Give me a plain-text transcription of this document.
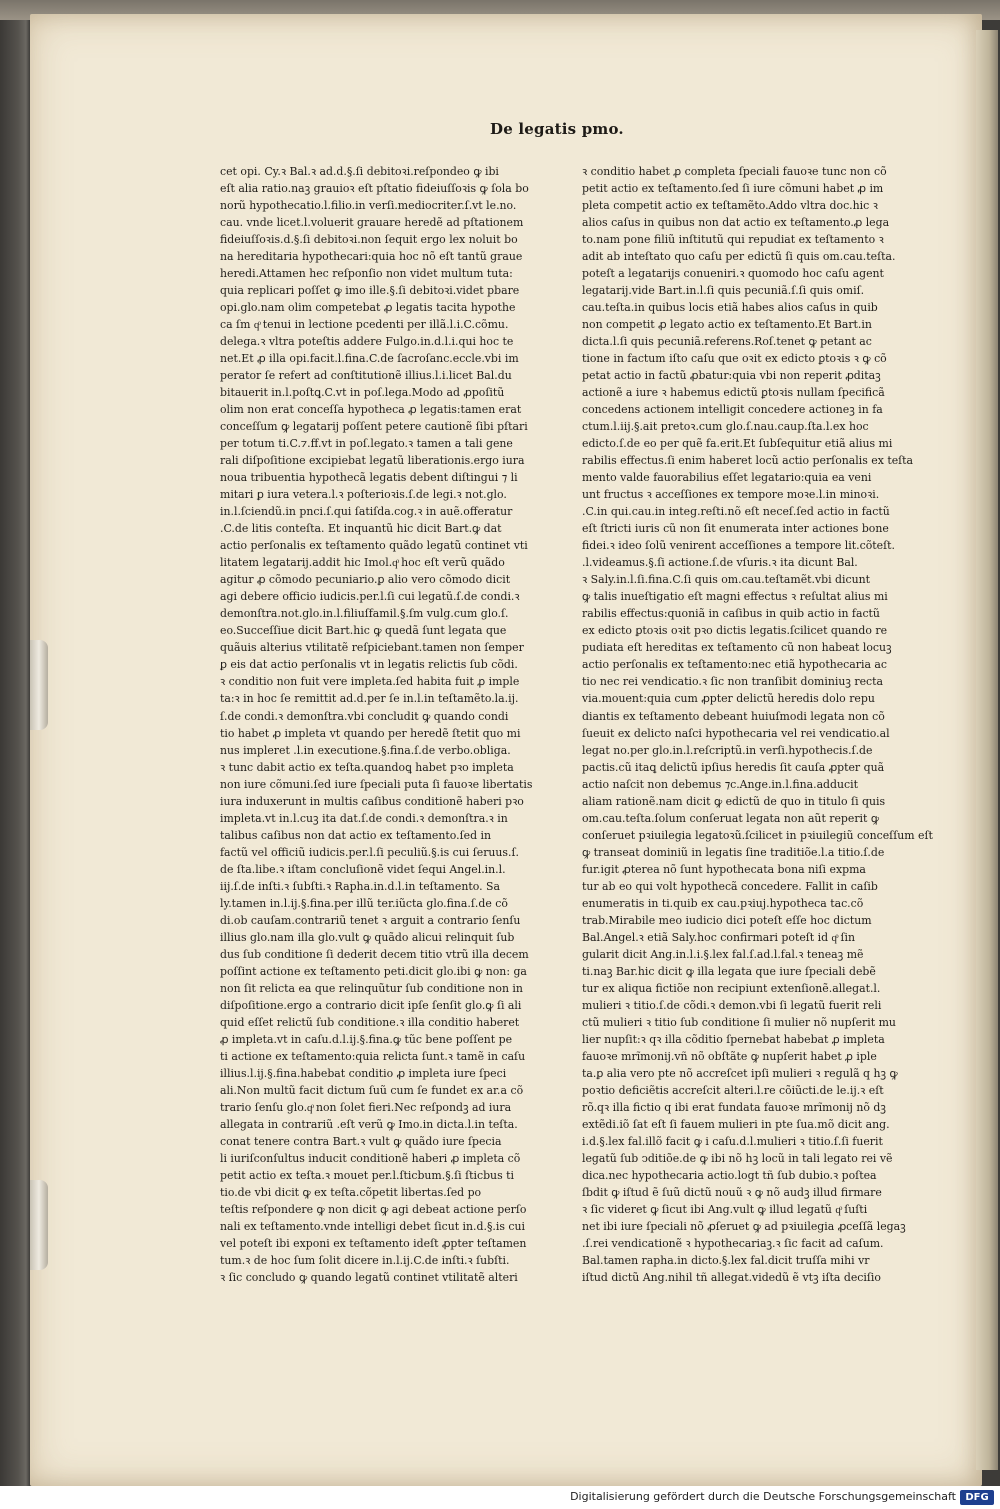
De legatis pmo.
cet opi. Cy.ꝛ Bal.ꝛ ad.d.§.ſi debitoꝛi.reſpondeo ꝙ ibi
eſt alia ratio.naꝫ grauioꝛ eſt pſtatio fideiuſſoꝛis ꝙ ſola bo
norũ hypothecatio.l.filio.in verſi.mediocriter.ſ.vt le.no.
cau. vnde licet.l.voluerit grauare heredẽ ad pſtationem
fideiuſſoꝛis.d.§.ſi debitoꝛi.non ſequit ergo lex noluit bo
na hereditaria hypothecari:quia hoc nõ eſt tantũ graue
heredi.Attamen hec reſponſio non videt multum tuta:
quia replicari poſſet ꝙ imo ille.§.ſi debitoꝛi.videt pbare
opi.glo.nam olim competebat ꝓ legatis tacita hypothe
ca ſm qͦ tenui in lectione pcedenti per illã.l.i.C.cõmu.
delega.ꝛ vltra poteſtis addere Fulgo.in.d.l.i.qui hoc te
net.Et ꝓ illa opi.facit.l.fina.C.de ſacroſanc.eccle.vbi im
perator ſe refert ad conſtitutionẽ illius.l.i.licet Bal.du
bitauerit in.l.poſtꝗ.C.vt in poſ.lega.Modo ad ꝓpoſitũ
olim non erat conceſſa hypotheca ꝓ legatis:tamen erat
conceſſum ꝙ legatarij poſſent petere cautionẽ ſibi pſtari
per totum ti.C.⁊.ff.vt in poſ.legato.ꝛ tamen a tali gene
rali diſpoſitione excipiebat legatũ liberationis.ergo iura
noua tribuentia hypothecã legatis debent diſtingui ⁊ li
mitari ꝑ iura vetera.l.ꝛ poſterioꝛis.ſ.de legi.ꝛ not.glo.
in.l.ſciendũ.in pnci.ſ.qui ſatiſda.cog.ꝛ in auẽ.offeratur
.C.de litis conteſta. Et inquantũ hic dicit Bart.ꝙ dat
actio perſonalis ex teſtamento quãdo legatũ continet vti
litatem legatarij.addit hic Imol.qͦ hoc eſt verũ quãdo
agitur ꝓ cõmodo pecuniario.ꝑ alio vero cõmodo dicit
agi debere officio iudicis.per.l.ſi cui legatũ.ſ.de condi.ꝛ
demonſtra.not.glo.in.l.filiuſfamil.§.ſm vulg.cum glo.ſ.
eo.Succeſſiue dicit Bart.hic ꝙ quedã ſunt legata que
quãuis alterius vtilitatẽ reſpiciebant.tamen non ſemper
ꝑ eis dat actio perſonalis vt in legatis relictis ſub cõdi.
ꝛ conditio non fuit vere impleta.ſed habita fuit ꝓ imple
ta:ꝛ in hoc ſe remittit ad.d.per ſe in.l.in teſtamẽto.la.ij.
ſ.de condi.ꝛ demonſtra.vbi concludit ꝙ quando condi
tio habet ꝓ impleta vt quando per heredẽ ſtetit quo mi
nus impleret .l.in executione.§.fina.ſ.de verbo.obliga.
ꝛ tunc dabit actio ex teſta.quandoꝗ habet pꝛo impleta
non iure cõmuni.ſed iure ſpeciali puta ſi fauoꝛe libertatis
iura induxerunt in multis caſibus conditionẽ haberi pꝛo
impleta.vt in.l.cuꝫ ita dat.ſ.de condi.ꝛ demonſtra.ꝛ in
talibus caſibus non dat actio ex teſtamento.ſed in
factũ vel officiũ iudicis.per.l.ſi peculiũ.§.is cui ſeruus.ſ.
de ſta.libe.ꝛ iſtam concluſionẽ videt ſequi Angel.in.l.
iij.ſ.de inſti.ꝛ ſubſti.ꝛ Rapha.in.d.l.in teſtamento. Sa
ly.tamen in.l.ij.§.fina.per illũ ter.iũcta glo.fina.ſ.de cõ
di.ob cauſam.contrariũ tenet ꝛ arguit a contrario ſenſu
illius glo.nam illa glo.vult ꝙ quãdo alicui relinquit ſub
dus ſub conditione ſi dederit decem titio vtrũ illa decem
poſſint actione ex teſtamento peti.dicit glo.ibi ꝙ non: ga
non ſit relicta ea que relinquũtur ſub conditione non in
diſpoſitione.ergo a contrario dicit ipſe ſenſit glo.ꝙ ſi ali
quid eſſet relictũ ſub conditione.ꝛ illa conditio haberet
ꝓ impleta.vt in caſu.d.l.ij.§.fina.ꝙ tũc bene poſſent pe
ti actione ex teſtamento:quia relicta ſunt.ꝛ tamẽ in caſu
illius.l.ij.§.fina.habebat conditio ꝓ impleta iure ſpeci
ali.Non multũ facit dictum ſuũ cum ſe fundet ex ar.a cõ
trario ſenſu glo.qͦ non ſolet fieri.Nec reſpondꝫ ad iura
allegata in contrariũ .eſt verũ ꝙ Imo.in dicta.l.in teſta.
conat tenere contra Bart.ꝛ vult ꝙ quãdo iure ſpecia
li iuriſconſultus inducit conditionẽ haberi ꝓ impleta cõ
petit actio ex teſta.ꝛ mouet per.l.ſticbum.§.ſi ſticbus ti
tio.de vbi dicit ꝙ ex teſta.cõpetit libertas.ſed po
teſtis reſpondere ꝙ non dicit ꝙ agi debeat actione perſo
nali ex teſtamento.vnde intelligi debet ſicut in.d.§.is cui
vel poteſt ibi exponi ex teſtamento ideſt ꝓpter teſtamen
tum.ꝛ de hoc ſum ſolit dicere in.l.ij.C.de inſti.ꝛ ſubſti.
ꝛ ſic concludo ꝙ quando legatũ continet vtilitatẽ alteri
ꝛ conditio habet ꝓ completa ſpeciali fauoꝛe tunc non cõ
petit actio ex teſtamento.ſed ſi iure cõmuni habet ꝓ im
pleta competit actio ex teſtamẽto.Addo vltra doc.hic ꝛ
alios caſus in quibus non dat actio ex teſtamento.ꝓ lega
to.nam pone filiũ inſtitutũ qui repudiat ex teſtamento ꝛ
adit ab inteſtato quo caſu per edictũ ſi quis om.cau.teſta.
poteſt a legatarijs conueniri.ꝛ quomodo hoc caſu agent
legatarij.vide Bart.in.l.ſi quis pecuniã.ſ.ſi quis omiſ.
cau.teſta.in quibus locis etiã habes alios caſus in quib
non competit ꝓ legato actio ex teſtamento.Et Bart.in
dicta.l.ſi quis pecuniã.referens.Roſ.tenet ꝙ petant ac
tione in factum iſto caſu que oꝛit ex edicto ꝑtoꝛis ꝛ ꝙ cõ
petat actio in factũ ꝓbatur:quia vbi non reperit ꝓditaꝫ
actionẽ a iure ꝛ habemus edictũ ꝑtoꝛis nullam ſpecificã
concedens actionem intelligit concedere actioneꝫ in fa
ctum.l.iij.§.ait pretoꝛ.cum glo.ſ.nau.caup.ſta.l.ex hoc
edicto.ſ.de eo per quẽ fa.erit.Et ſubſequitur etiã alius mi
rabilis effectus.ſi enim haberet locũ actio perſonalis ex teſta
mento valde fauorabilius eſſet legatario:quia ea veni
unt fructus ꝛ acceſſiones ex tempore moꝛe.l.in minoꝛi.
.C.in qui.cau.in integ.reſti.nõ eſt neceſ.ſed actio in factũ
eſt ſtricti iuris cũ non ſit enumerata inter actiones bone
fidei.ꝛ ideo ſolũ venirent acceſſiones a tempore lit.cõteſt.
.l.videamus.§.ſi actione.ſ.de vſuris.ꝛ ita dicunt Bal.
ꝛ Saly.in.l.ſi.fina.C.ſi quis om.cau.teſtamẽt.vbi dicunt
ꝙ talis inueſtigatio eſt magni effectus ꝛ reſultat alius mi
rabilis effectus:quoniã in caſibus in quib actio in factũ
ex edicto ꝑtoꝛis oꝛit pꝛo dictis legatis.ſcilicet quando re
pudiata eſt hereditas ex teſtamento cũ non habeat locuꝫ
actio perſonalis ex teſtamento:nec etiã hypothecaria ac
tio nec rei vendicatio.ꝛ ſic non tranſibit dominiuꝫ recta
via.mouent:quia cum ꝓpter delictũ heredis dolo repu
diantis ex teſtamento debeant huiuſmodi legata non cõ
ſueuit ex delicto naſci hypothecaria vel rei vendicatio.al
legat no.per glo.in.l.reſcriptũ.in verſi.hypothecis.ſ.de
pactis.cũ itaꝗ delictũ ipſius heredis ſit cauſa ꝓpter quã
actio naſcit non debemus ⁊c.Ange.in.l.fina.adducit
aliam rationẽ.nam dicit ꝙ edictũ de quo in titulo ſi quis
om.cau.teſta.ſolum conſeruat legata non aũt reperit ꝙ
conſeruet pꝛiuilegia legatoꝛũ.ſcilicet in pꝛiuilegiũ conceſſum eſt
ꝙ transeat dominiũ in legatis ſine traditiõe.l.a titio.ſ.de
fur.igit ꝓterea nõ ſunt hypothecata bona niſi expma
tur ab eo qui volt hypothecã concedere. Fallit in caſib
enumeratis in ti.quib ex cau.pꝛiuj.hypotheca tac.cõ
trab.Mirabile meo iudicio dici poteſt eſſe hoc dictum
Bal.Angel.ꝛ etiã Saly.hoc confirmari poteſt id qͦ ſin
gularit dicit Ang.in.l.i.§.lex fal.ſ.ad.l.fal.ꝛ teneaꝫ mẽ
ti.naꝫ Bar.hic dicit ꝙ illa legata que iure ſpeciali debẽ
tur ex aliqua fictiõe non recipiunt extenſionẽ.allegat.l.
mulieri ꝛ titio.ſ.de cõdi.ꝛ demon.vbi ſi legatũ fuerit reli
ctũ mulieri ꝛ titio ſub conditione ſi mulier nõ nupſerit mu
lier nupſit:ꝛ qꝛ illa cõditio ſpernebat habebat ꝓ impleta
fauoꝛe mrĩmonij.vñ nõ obſtãte ꝙ nupſerit habet ꝓ iple
ta.ꝑ alia vero pte nõ accreſcet ipſi mulieri ꝛ regulã q hꝫ ꝙ
poꝛtio deficiẽtis accreſcit alteri.l.re cõiũcti.de le.ij.ꝛ eſt
rõ.qꝛ illa fictio q ibi erat fundata fauoꝛe mrĩmonij nõ dꝫ
extẽdi.iõ ſat eſt ſi fauem mulieri in pte ſua.mõ dicit ang.
i.d.§.lex fal.illõ facit ꝙ i caſu.d.l.mulieri ꝛ titio.ſ.ſi fuerit
legatũ ſub ↄditiõe.de ꝙ ibi nõ hꝫ locũ in tali legato rei vẽ
dica.nec hypothecaria actio.logt tñ ſub dubio.ꝛ poſtea
ſbdit ꝙ iſtud ẽ ſuũ dictũ nouũ ꝛ ꝙ nõ audꝫ illud firmare
ꝛ ſic videret ꝙ ſicut ibi Ang.vult ꝙ illud legatũ qͦ ſuſti
net ibi iure ſpeciali nõ ꝓſeruet ꝙ ad pꝛiuilegia ꝓceſſã legaꝫ
.ſ.rei vendicationẽ ꝛ hypothecariaꝫ.ꝛ ſic facit ad caſum.
Bal.tamen rapha.in dicto.§.lex fal.dicit truſſa mihi vr
iſtud dictũ Ang.nihil tñ allegat.videdũ ẽ vtꝫ iſta deciſio
Digitalisierung gefördert durch die Deutsche Forschungsgemeinschaft DFG
